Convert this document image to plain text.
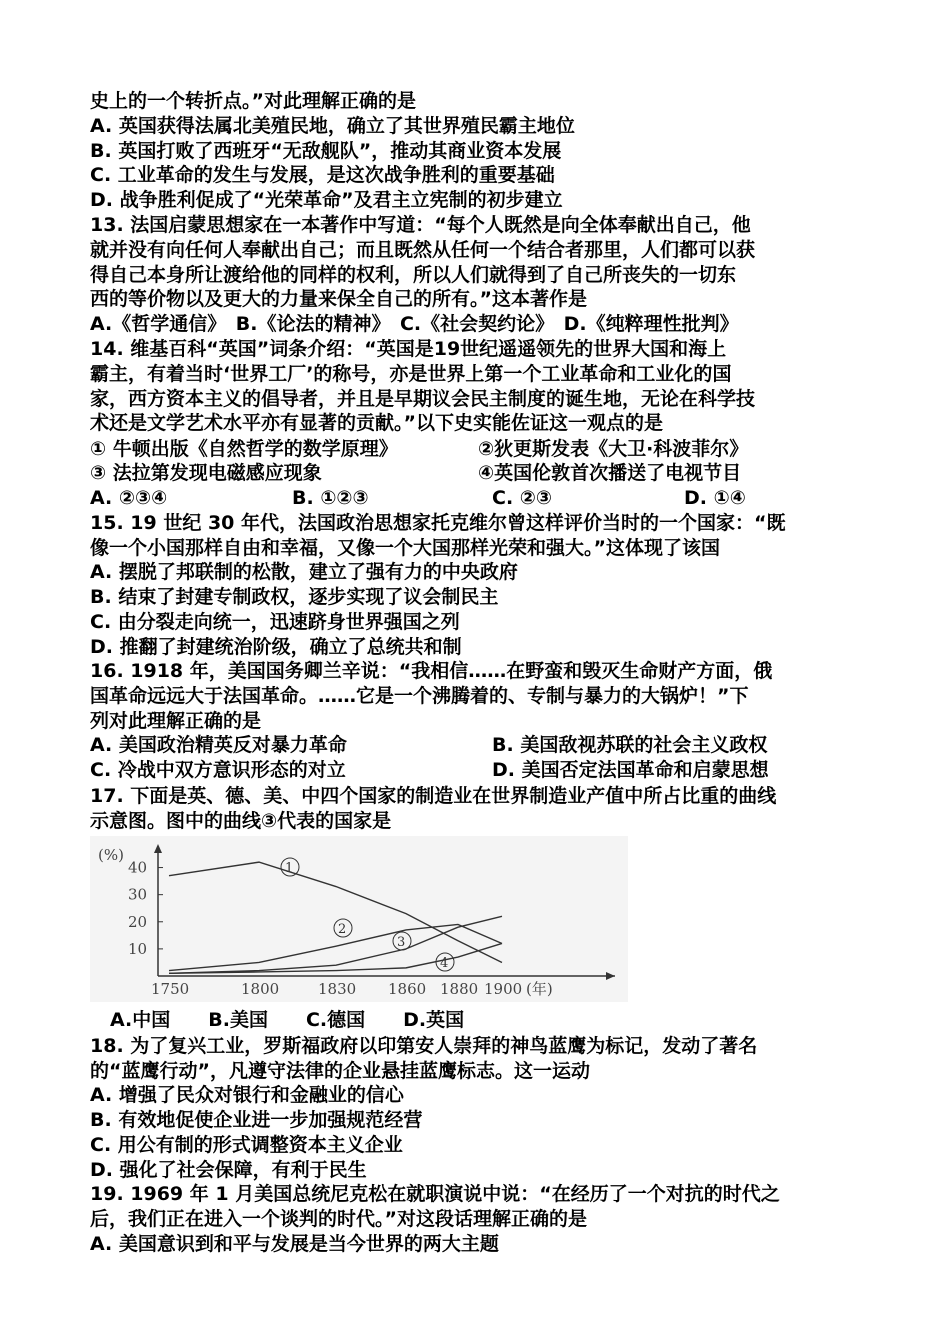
史上的一个转折点。”对此理解正确的是
A. 英国获得法属北美殖民地，确立了其世界殖民霸主地位
B. 英国打败了西班牙“无敌舰队”，推动其商业资本发展
C. 工业革命的发生与发展，是这次战争胜利的重要基础
D. 战争胜利促成了“光荣革命”及君主立宪制的初步建立
13. 法国启蒙思想家在一本著作中写道：“每个人既然是向全体奉献出自己，他
就并没有向任何人奉献出自己；而且既然从任何一个结合者那里，人们都可以获
得自己本身所让渡给他的同样的权利，所以人们就得到了自己所丧失的一切东
西的等价物以及更大的力量来保全自己的所有。”这本著作是
A.《哲学通信》　B.《论法的精神》　C.《社会契约论》　D.《纯粹理性批判》
14. 维基百科“英国”词条介绍：“英国是19世纪遥遥领先的世界大国和海上
霸主，有着当时‘世界工厂’的称号，亦是世界上第一个工业革命和工业化的国
家，西方资本主义的倡导者，并且是早期议会民主制度的诞生地，无论在科学技
术还是文学艺术水平亦有显著的贡献。”以下史实能佐证这一观点的是
① 牛顿出版《自然哲学的数学原理》	②狄更斯发表《大卫·科波菲尔》
③ 法拉第发现电磁感应现象	④英国伦敦首次播送了电视节目
A. ②③④	B. ①②③	C. ②③	D. ①④
15. 19 世纪 30 年代，法国政治思想家托克维尔曾这样评价当时的一个国家：“既
像一个小国那样自由和幸福，又像一个大国那样光荣和强大。”这体现了该国
A. 摆脱了邦联制的松散，建立了强有力的中央政府
B. 结束了封建专制政权，逐步实现了议会制民主
C. 由分裂走向统一，迅速跻身世界强国之列
D. 推翻了封建统治阶级，确立了总统共和制
16. 1918 年，美国国务卿兰辛说：“我相信……在野蛮和毁灭生命财产方面，俄
国革命远远大于法国革命。……它是一个沸腾着的、专制与暴力的大锅炉！”下
列对此理解正确的是
A. 美国政治精英反对暴力革命	B. 美国敌视苏联的社会主义政权
C. 冷战中双方意识形态的对立	D. 美国否定法国革命和启蒙思想
17. 下面是英、德、美、中四个国家的制造业在世界制造业产值中所占比重的曲线
示意图。图中的曲线③代表的国家是
(%)
10
20
30
40
1750	1800	1830 1860 1880 1900 (年)
1
2
3
4
A.中国　　B.美国　　C.德国　　D.英国
18. 为了复兴工业，罗斯福政府以印第安人崇拜的神鸟蓝鹰为标记，发动了著名
的“蓝鹰行动”，凡遵守法律的企业悬挂蓝鹰标志。这一运动
A. 增强了民众对银行和金融业的信心
B. 有效地促使企业进一步加强规范经营
C. 用公有制的形式调整资本主义企业
D. 强化了社会保障，有利于民生
19. 1969 年 1 月美国总统尼克松在就职演说中说：“在经历了一个对抗的时代之
后，我们正在进入一个谈判的时代。”对这段话理解正确的是
A. 美国意识到和平与发展是当今世界的两大主题
